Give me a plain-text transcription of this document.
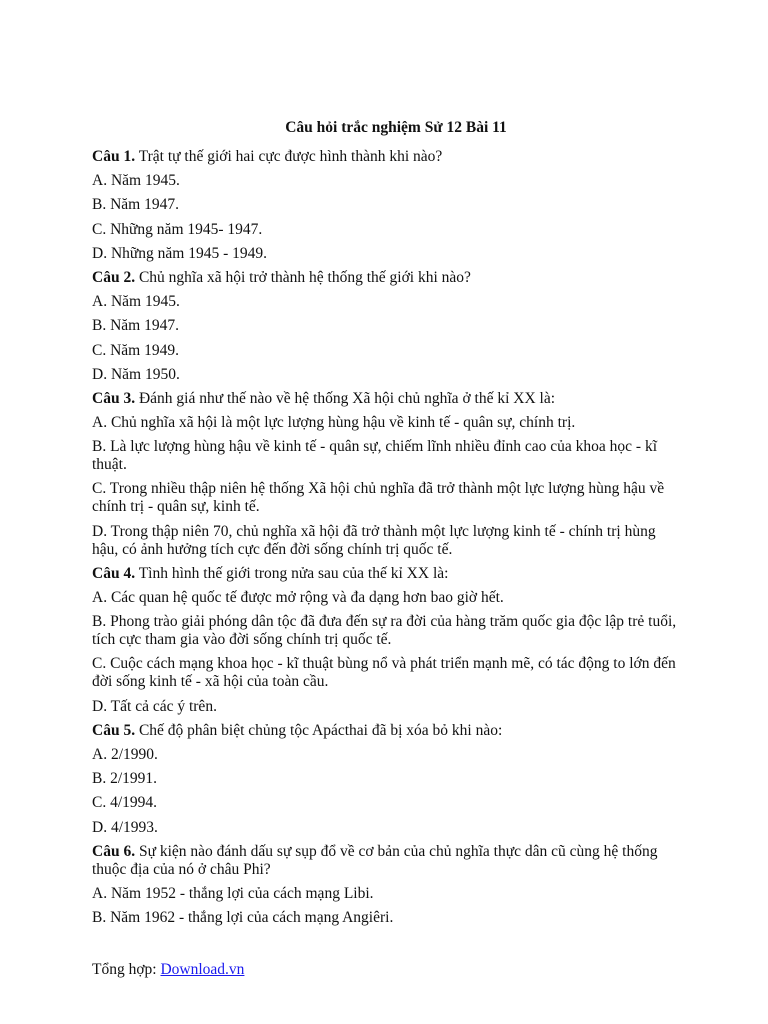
Câu hỏi trắc nghiệm Sử 12 Bài 11
Câu 1. Trật tự thế giới hai cực được hình thành khi nào?
A. Năm 1945.
B. Năm 1947.
C. Những năm 1945- 1947.
D. Những năm 1945 - 1949.
Câu 2. Chủ nghĩa xã hội trở thành hệ thống thế giới khi nào?
A. Năm 1945.
B. Năm 1947.
C. Năm 1949.
D. Năm 1950.
Câu 3. Đánh giá như thế nào về hệ thống Xã hội chủ nghĩa ở thế kỉ XX là:
A. Chủ nghĩa xã hội là một lực lượng hùng hậu về kinh tế - quân sự, chính trị.
B. Là lực lượng hùng hậu về kinh tế - quân sự, chiếm lĩnh nhiều đỉnh cao của khoa học - kĩ thuật.
C. Trong nhiều thập niên hệ thống Xã hội chủ nghĩa đã trở thành một lực lượng hùng hậu về chính trị - quân sự, kinh tế.
D. Trong thập niên 70, chủ nghĩa xã hội đã trở thành một lực lượng kinh tế - chính trị hùng hậu, có ảnh hưởng tích cực đến đời sống chính trị quốc tế.
Câu 4. Tình hình thế giới trong nửa sau của thế kỉ XX là:
A. Các quan hệ quốc tế được mở rộng và đa dạng hơn bao giờ hết.
B. Phong trào giải phóng dân tộc đã đưa đến sự ra đời của hàng trăm quốc gia độc lập trẻ tuổi, tích cực tham gia vào đời sống chính trị quốc tế.
C. Cuộc cách mạng khoa học - kĩ thuật bùng nổ và phát triển mạnh mẽ, có tác động to lớn đến đời sống kinh tế - xã hội của toàn cầu.
D. Tất cả các ý trên.
Câu 5. Chế độ phân biệt chủng tộc Apácthai đã bị xóa bỏ khi nào:
A. 2/1990.
B. 2/1991.
C. 4/1994.
D. 4/1993.
Câu 6. Sự kiện nào đánh dấu sự sụp đổ về cơ bản của chủ nghĩa thực dân cũ cùng hệ thống thuộc địa của nó ở châu Phi?
A. Năm 1952 - thắng lợi của cách mạng Libi.
B. Năm 1962 - thắng lợi của cách mạng Angiêri.
Tổng hợp: Download.vn
